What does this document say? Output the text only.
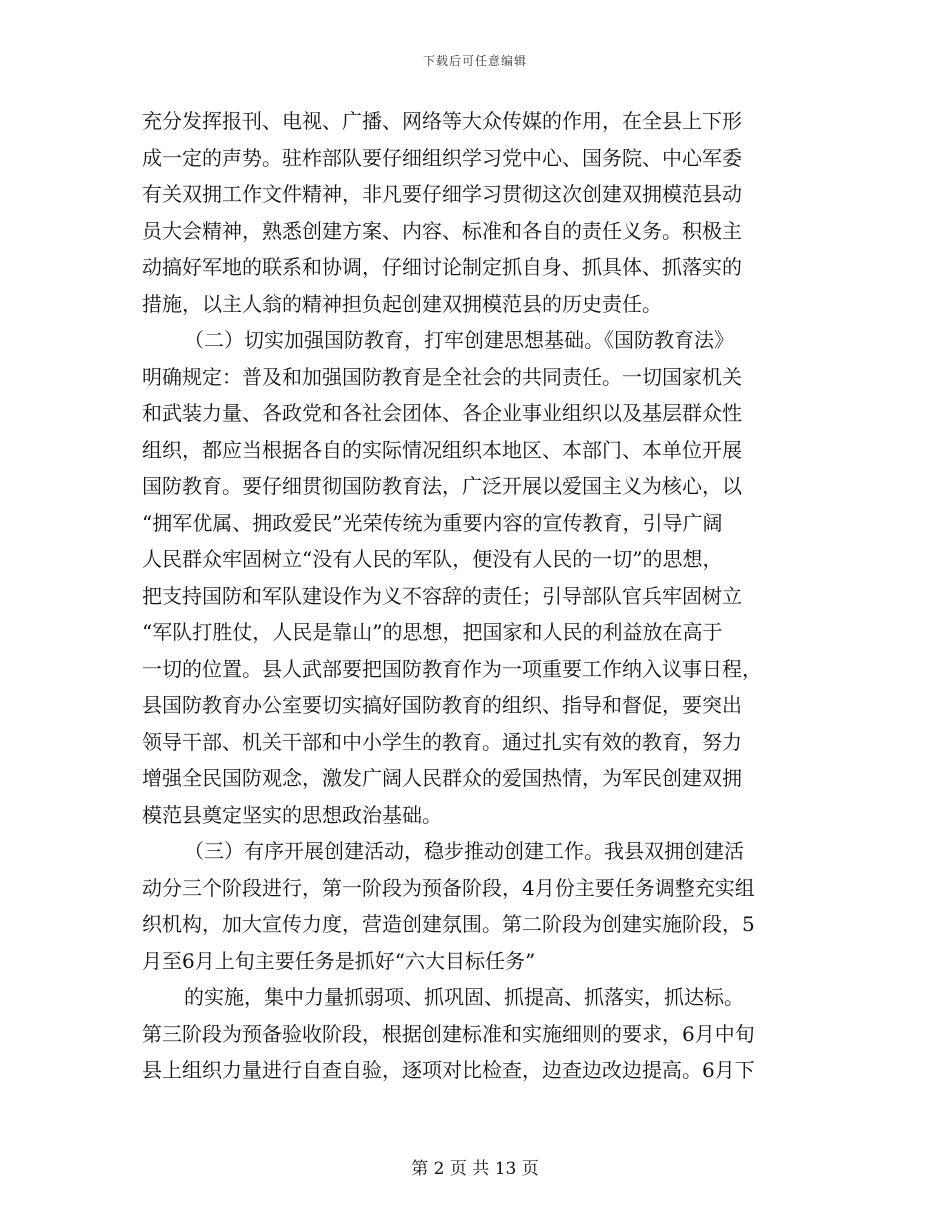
下载后可任意编辑
充分发挥报刊、电视、广播、网络等大众传媒的作用，在全县上下形
成一定的声势。驻柞部队要仔细组织学习党中心、国务院、中心军委
有关双拥工作文件精神，非凡要仔细学习贯彻这次创建双拥模范县动
员大会精神，熟悉创建方案、内容、标准和各自的责任义务。积极主
动搞好军地的联系和协调，仔细讨论制定抓自身、抓具体、抓落实的
措施，以主人翁的精神担负起创建双拥模范县的历史责任。
（二）切实加强国防教育，打牢创建思想基础。《国防教育法》
明确规定：普及和加强国防教育是全社会的共同责任。一切国家机关
和武装力量、各政党和各社会团体、各企业事业组织以及基层群众性
组织，都应当根据各自的实际情况组织本地区、本部门、本单位开展
国防教育。要仔细贯彻国防教育法，广泛开展以爱国主义为核心，以
“拥军优属、拥政爱民”光荣传统为重要内容的宣传教育，引导广阔
人民群众牢固树立“没有人民的军队，便没有人民的一切”的思想，
把支持国防和军队建设作为义不容辞的责任；引导部队官兵牢固树立
“军队打胜仗，人民是靠山”的思想，把国家和人民的利益放在高于
一切的位置。县人武部要把国防教育作为一项重要工作纳入议事日程，
县国防教育办公室要切实搞好国防教育的组织、指导和督促，要突出
领导干部、机关干部和中小学生的教育。通过扎实有效的教育，努力
增强全民国防观念，激发广阔人民群众的爱国热情，为军民创建双拥
模范县奠定坚实的思想政治基础。
（三）有序开展创建活动，稳步推动创建工作。我县双拥创建活
动分三个阶段进行，第一阶段为预备阶段，4月份主要任务调整充实组
织机构，加大宣传力度，营造创建氛围。第二阶段为创建实施阶段，5
月至6月上旬主要任务是抓好“六大目标任务”
的实施，集中力量抓弱项、抓巩固、抓提高、抓落实，抓达标。
第三阶段为预备验收阶段，根据创建标准和实施细则的要求，6月中旬
县上组织力量进行自查自验，逐项对比检查，边查边改边提高。6月下
第 2 页 共 13 页
